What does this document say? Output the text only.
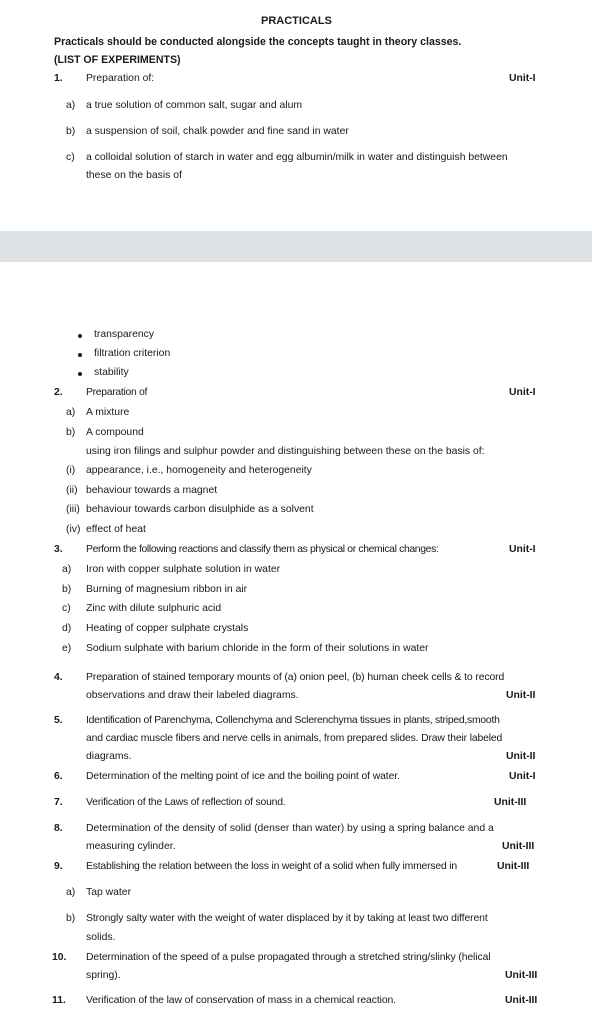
PRACTICALS
Practicals should be conducted alongside the concepts taught in theory classes.
(LIST OF EXPERIMENTS)
1. Preparation of:	Unit-I
a) a true solution of common salt, sugar and alum
b) a suspension of soil, chalk powder and fine sand in water
c) a colloidal solution of starch in water and egg albumin/milk in water and distinguish between
these on the basis of
transparency
filtration criterion
stability
2. Preparation of	Unit-I
a) A mixture
b) A compound
using iron filings and sulphur powder and distinguishing between these on the basis of:
(i) appearance, i.e., homogeneity and heterogeneity
(ii) behaviour towards a magnet
(iii) behaviour towards carbon disulphide as a solvent
(iv) effect of heat
3. Perform the following reactions and classify them as physical or chemical changes:	Unit-I
a) Iron with copper sulphate solution in water
b) Burning of magnesium ribbon in air
c) Zinc with dilute sulphuric acid
d) Heating of copper sulphate crystals
e) Sodium sulphate with barium chloride in the form of their solutions in water
4. Preparation of stained temporary mounts of (a) onion peel, (b) human cheek cells & to record
observations and draw their labeled diagrams.	Unit-II
5. Identification of Parenchyma, Collenchyma and Sclerenchyma tissues in plants, striped,smooth
and cardiac muscle fibers and nerve cells in animals, from prepared slides. Draw their labeled
diagrams.	Unit-II
6. Determination of the melting point of ice and the boiling point of water.	Unit-I
7. Verification of the Laws of reflection of sound.	Unit-III
8. Determination of the density of solid (denser than water) by using a spring balance and a
measuring cylinder.	Unit-III
9. Establishing the relation between the loss in weight of a solid when fully immersed in	Unit-III
a) Tap water
b) Strongly salty water with the weight of water displaced by it by taking at least two different
solids.
10. Determination of the speed of a pulse propagated through a stretched string/slinky (helical
spring).	Unit-III
11. Verification of the law of conservation of mass in a chemical reaction.	Unit-III
